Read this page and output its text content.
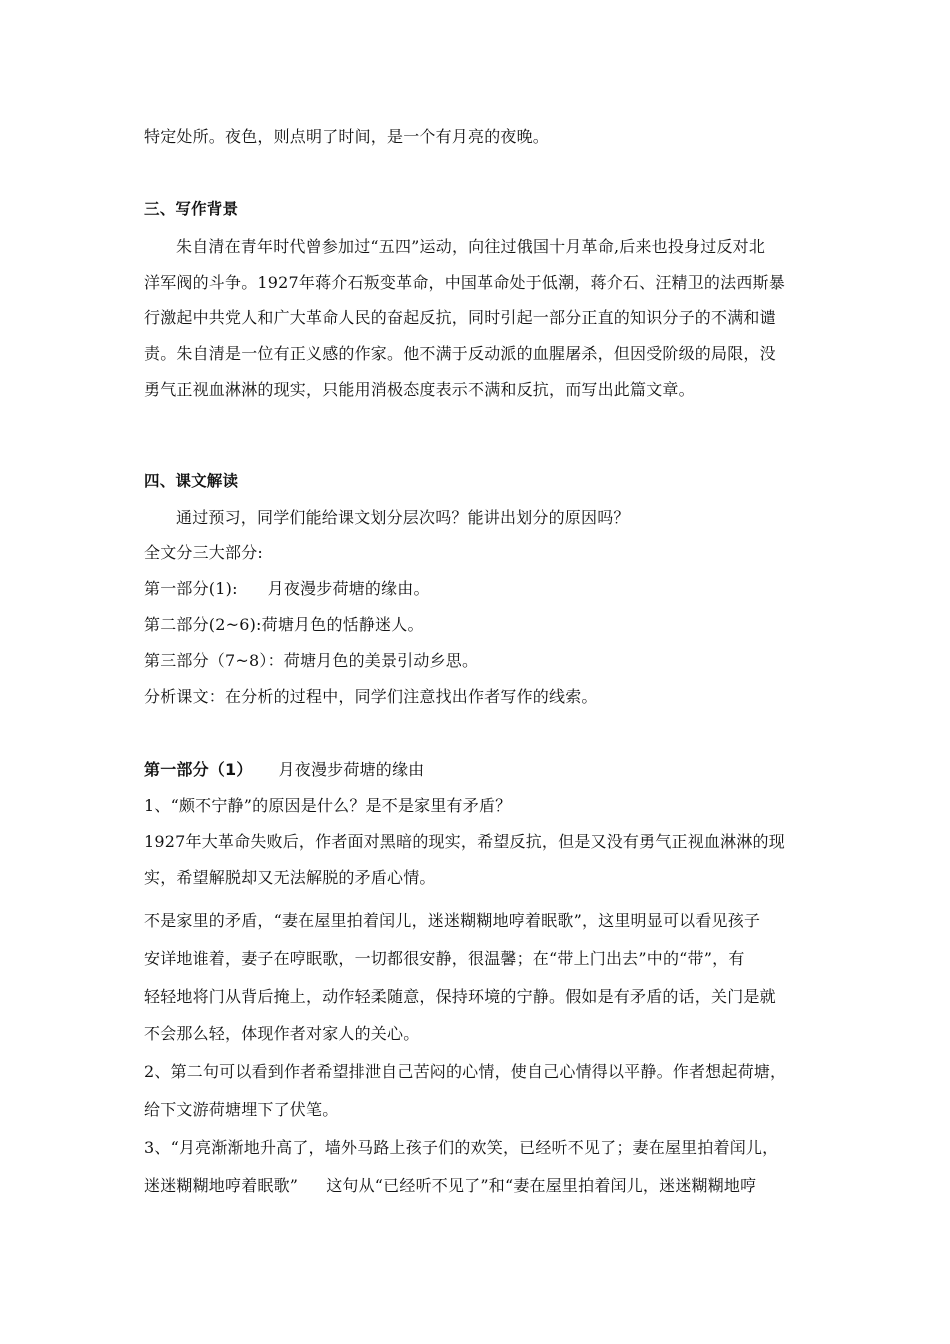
特定处所。夜色，则点明了时间，是一个有月亮的夜晚。
三、写作背景
朱自清在青年时代曾参加过“五四”运动，向往过俄国十月革命,后来也投身过反对北
洋军阀的斗争。1927年蒋介石叛变革命，中国革命处于低潮，蒋介石、汪精卫的法西斯暴
行激起中共党人和广大革命人民的奋起反抗，同时引起一部分正直的知识分子的不满和谴
责。朱自清是一位有正义感的作家。他不满于反动派的血腥屠杀，但因受阶级的局限，没
勇气正视血淋淋的现实，只能用消极态度表示不满和反抗，而写出此篇文章。
四、课文解读
通过预习，同学们能给课文划分层次吗？能讲出划分的原因吗？
全文分三大部分:
第一部分(1): 月夜漫步荷塘的缘由。
第二部分(2~6):荷塘月色的恬静迷人。
第三部分（7~8）：荷塘月色的美景引动乡思。
分析课文：在分析的过程中，同学们注意找出作者写作的线索。
第一部分（1） 月夜漫步荷塘的缘由
1、“颇不宁静”的原因是什么？是不是家里有矛盾？
1927年大革命失败后，作者面对黑暗的现实，希望反抗，但是又没有勇气正视血淋淋的现
实，希望解脱却又无法解脱的矛盾心情。
不是家里的矛盾，“妻在屋里拍着闰儿，迷迷糊糊地哼着眠歌”，这里明显可以看见孩子
安详地谁着，妻子在哼眠歌，一切都很安静，很温馨；在“带上门出去”中的“带”，有
轻轻地将门从背后掩上，动作轻柔随意，保持环境的宁静。假如是有矛盾的话，关门是就
不会那么轻，体现作者对家人的关心。
2、第二句可以看到作者希望排泄自己苦闷的心情，使自己心情得以平静。作者想起荷塘，
给下文游荷塘埋下了伏笔。
3、“月亮渐渐地升高了，墙外马路上孩子们的欢笑，已经听不见了；妻在屋里拍着闰儿，
迷迷糊糊地哼着眠歌” 这句从“已经听不见了”和“妻在屋里拍着闰儿，迷迷糊糊地哼
